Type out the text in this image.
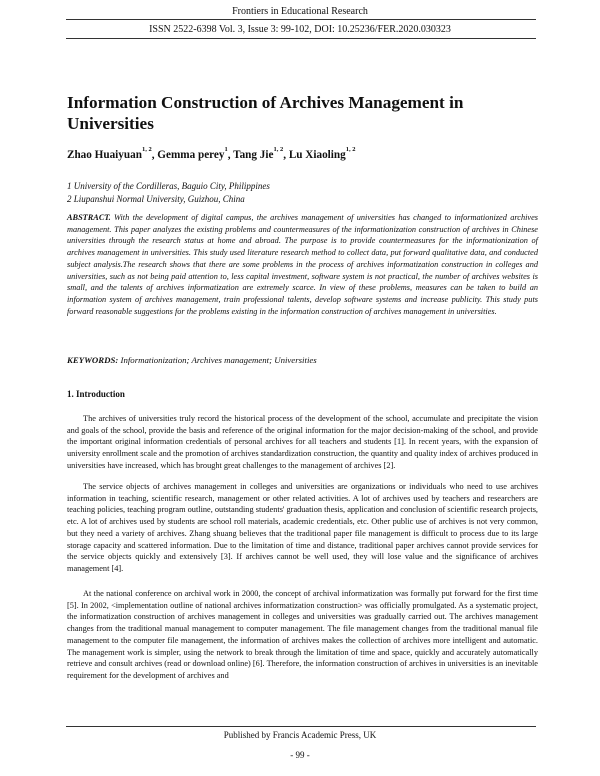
Frontiers in Educational Research
ISSN 2522-6398 Vol. 3, Issue 3: 99-102, DOI: 10.25236/FER.2020.030323
Information Construction of Archives Management in Universities
Zhao Huaiyuan$^{1, 2}$, Gemma perey$^1$, Tang Jie$^{1, 2}$, Lu Xiaoling$^{1, 2}$
1 University of the Cordilleras, Baguio City, Philippines
2 Liupanshui Normal University, Guizhou, China

ABSTRACT. With the development of digital campus, the archives management of universities has changed to informationized archives management. This paper analyzes the existing problems and countermeasures of the informationization construction of archives in Chinese universities through the research status at home and abroad. The purpose is to provide countermeasures for the informationization of archives management in universities. This study used literature research method to collect data, put forward qualitative data, and conducted subject analysis.The research shows that there are some problems in the process of archives informatization construction in colleges and universities, such as not being paid attention to, less capital investment, software system is not practical, the number of archives websites is small, and the talents of archives informatization are extremely scarce. In view of these problems, measures can be taken to build an information system of archives management, train professional talents, develop software systems and increase publicity. This study puts forward reasonable suggestions for the problems existing in the information construction of archives management in universities.

KEYWORDS: Informationization; Archives management; Universities
1. Introduction

The archives of universities truly record the historical process of the development of the school, accumulate and precipitate the vision and goals of the school, provide the basis and reference of the original information for the major decision-making of the school, and provide the important original information credentials of personal archives for all teachers and students [1]. In recent years, with the expansion of university enrollment scale and the promotion of archives standardization construction, the quantity and quality index of archives produced in universities have increased, which has brought great challenges to the management of archives [2].

The service objects of archives management in colleges and universities are organizations or individuals who need to use archives information in teaching, scientific research, management or other related activities. A lot of archives used by teachers and researchers are teaching policies, teaching program outline, outstanding students' graduation thesis, application and conclusion of scientific research projects, etc. A lot of archives used by students are school roll materials, academic credentials, etc. Other public use of archives is not very common, but they need a variety of archives. Zhang shuang believes that the traditional paper file management is difficult to process due to its large storage capacity and scattered information. Due to the limitation of time and distance, traditional paper archives cannot provide services for the service objects quickly and extensively [3]. If archives cannot be well used, they will lose value and the significance of archives management [4].

At the national conference on archival work in 2000, the concept of archival informatization was formally put forward for the first time [5]. In 2002, <implementation outline of national archives informatization construction> was officially promulgated. As a systematic project, the informatization construction of archives management in colleges and universities was gradually carried out. The archives management changes from the traditional manual management to computer management. The file management changes from the traditional manual file management to the computer file management, the information of archives makes the collection of archives more intelligent and automatic. The management work is simpler, using the network to break through the limitation of time and space, quickly and accurately automatically retrieve and consult archives (read or download online) [6]. Therefore, the information construction of archives in universities is an inevitable requirement for the development of archives and

Published by Francis Academic Press, UK
- 99 -
